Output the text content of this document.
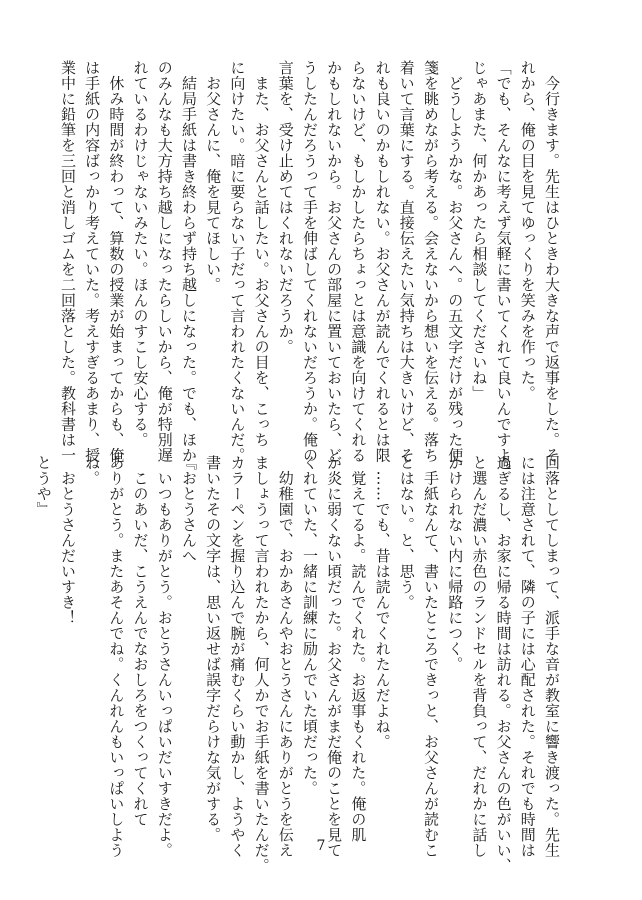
　今行きます。先生はひときわ大きな声で返事をした。そ

れから、俺の目を見てゆっくりを笑みを作った。

「でも、そんなに考えず気軽に書いてくれて良いんですよ。

じゃあまた、何かあったら相談してくださいね」

　どうしようかな。お父さんへ。の五文字だけが残った便

箋を眺めながら考える。会えないから想いを伝える。落ち

着いて言葉にする。直接伝えたい気持ちは大きいけど、そ

れも良いのかもしれない。お父さんが読んでくれるとは限

らないけど、もしかしたらちょっとは意識を向けてくれる

かもしれないから。お父さんの部屋に置いておいたら、ど

うしたんだろうって手を伸ばしてくれないだろうか。俺の

言葉を、受け止めてはくれないだろうか。

　また、お父さんと話したい。お父さんの目を、こっち

に向けたい。暗に要らない子だって言われたくないんだ。

　お父さんに、俺を見てほしい。

　結局手紙は書き終わらず持ち越しになった。でも、ほか

のみんなも大方持ち越しになったらしいから、俺が特別遅

れているわけじゃないみたい。ほんのすこし安心する。

　休み時間が終わって、算数の授業が始まってからも、俺

は手紙の内容ばっかり考えていた。考えすぎるあまり、授

業中に鉛筆を三回と消しゴムを二回落とした。教科書は一

回落としてしまって、派手な音が教室に響き渡った。先生

には注意されて、隣の子には心配された。それでも時間は

過ぎるし、お家に帰る時間は訪れる。お父さんの色がいい、

と選んだ濃い赤色のランドセルを背負って、だれかに話し

かけられない内に帰路につく。

　手紙なんて、書いたところできっと、お父さんが読むこ

とはない。と、思う。

　……でも、昔は読んでくれたんだよね。

　覚えてるよ。読んでくれた。お返事もくれた。俺の肌

が炎に弱くない頃だった。お父さんがまだ俺のことを見て

くれていた、一緒に訓練に励んでいた頃だった。

　幼稚園で、おかあさんやおとうさんにありがとうを伝え

ましょうって言われたから、何人かでお手紙を書いたんだ。

カラーペンを握り込んで腕が痛むくらい動かし、ようやく

書いたその文字は、思い返せば誤字だらけな気がする。

『おとうさんへ

　いつもありがとう。おとうさんいっぱいだいすきだよ。

　このあいだ、こうえんでなおしろをつくってくれて

ありがとう。またあそんでね。くんれんもいっぱいしよう

ね。

　おとうさんだいすき！

とうや』

7
